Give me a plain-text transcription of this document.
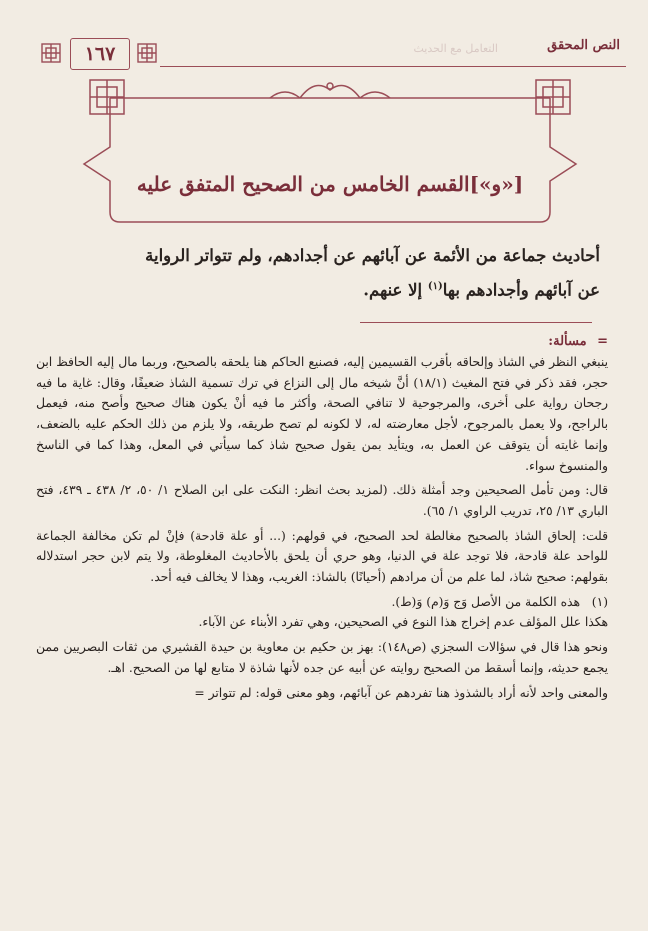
١٦٧	التعامل مع الحديث	النص المحقق
[«و»]القسم الخامس من الصحيح المتفق عليه
أحاديث جماعة من الأئمة عن آبائهم عن أجدادهم، ولم تتواتر الرواية
عن آبائهم وأجدادهم بها$^{(١)}$ إلا عنهم.
= مسألة:

ينبغي النظر في الشاذ وإلحاقه بأقرب القسيمين إليه، فصنيع الحاكم هنا يلحقه بالصحيح، وربما مال إليه الحافظ ابن حجر، فقد ذكر في فتح المغيث (١٨/١) أنَّ شيخه مال إلى النزاع في ترك تسمية الشاذ ضعيفًا، وقال: غاية ما فيه رجحان رواية على أخرى، والمرجوحية لا تنافي الصحة، وأكثر ما فيه أنْ يكون هناك صحيح وأصح منه، فيعمل بالراجح، ولا يعمل بالمرجوح، لأجل معارضته له، لا لكونه لم تصح طريقه، ولا يلزم من ذلك الحكم عليه بالضعف، وإنما غايته أن يتوقف عن العمل به، ويتأيد بمن يقول صحيح شاذ كما سيأتي في المعل، وهذا كما في الناسخ والمنسوخ سواء.

قال: ومن تأمل الصحيحين وجد أمثلة ذلك. (لمزيد بحث انظر: النكت على ابن الصلاح ١/ ٥٠، ٢/ ٤٣٨ ـ ٤٣٩، فتح الباري ١٣/ ٢٥، تدريب الراوي ١/ ٦٥).

قلت: إلحاق الشاذ بالصحيح مغالطة لحد الصحيح، في قولهم: (... أو علة قادحة) فإنْ لم تكن مخالفة الجماعة للواحد علة قادحة، فلا توجد علة في الدنيا، وهو حري أن يلحق بالأحاديث المغلوطة، ولا يتم لابن حجر استدلاله بقولهم: صحيح شاذ، لما علم من أن مرادهم (أحيانًا) بالشاذ: الغريب، وهذا لا يخالف فيه أحد.

(١)
هذه الكلمة من الأصل وَج وَ(م) وَ(ط).

هكذا علل المؤلف عدم إخراج هذا النوع في الصحيحين، وهي تفرد الأبناء عن الآباء.

ونحو هذا قال في سؤالات السجزي (ص١٤٨): بهز بن حكيم بن معاوية بن حيدة القشيري من ثقات البصريين ممن يجمع حديثه، وإنما أسقط من الصحيح روايته عن أبيه عن جده لأنها شاذة لا متابع لها من الصحيح. اهـ.

والمعنى واحد لأنه أراد بالشذوذ هنا تفردهم عن آبائهم، وهو معنى قوله: لم تتواتر =
